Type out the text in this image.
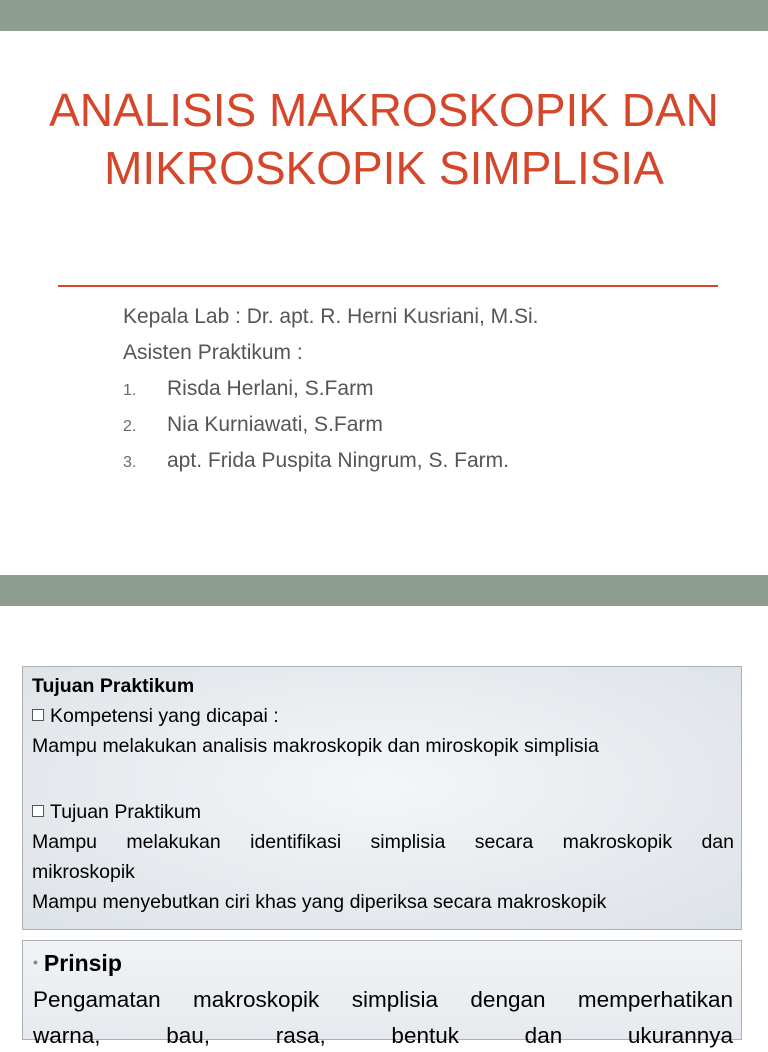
ANALISIS MAKROSKOPIK DAN
MIKROSKOPIK SIMPLISIA
Kepala Lab : Dr. apt. R. Herni Kusriani, M.Si.
Asisten Praktikum :
1.	Risda Herlani, S.Farm
2.	Nia Kurniawati, S.Farm
3.	apt. Frida Puspita Ningrum, S. Farm.
Tujuan Praktikum
Kompetensi yang dicapai :
Mampu melakukan analisis makroskopik dan miroskopik simplisia
Tujuan Praktikum
Mampu melakukan identifikasi simplisia secara makroskopik dan
mikroskopik
Mampu menyebutkan ciri khas yang diperiksa secara makroskopik
• Prinsip
Pengamatan makroskopik simplisia dengan memperhatikan
warna, bau, rasa, bentuk dan ukurannya
